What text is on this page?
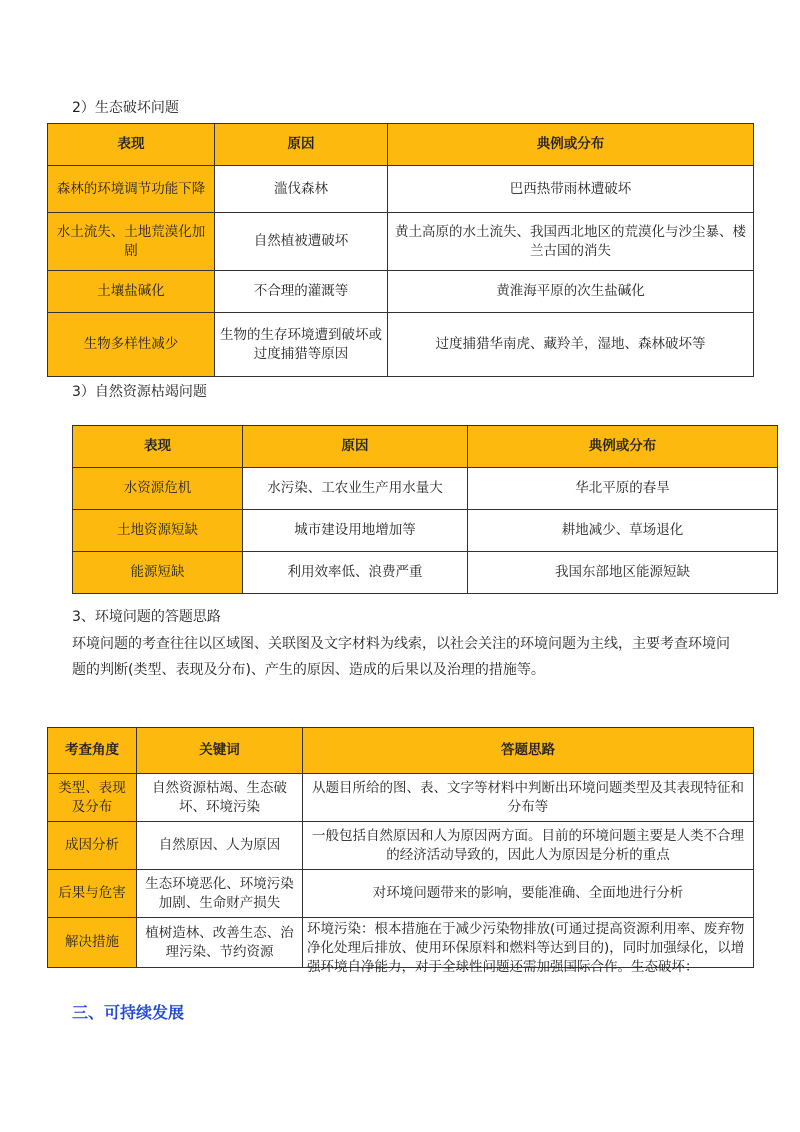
2）生态破坏问题
表现	原因	典例或分布
森林的环境调节功能下降	滥伐森林	巴西热带雨林遭破坏
水土流失、土地荒漠化加剧	自然植被遭破坏	黄土高原的水土流失、我国西北地区的荒漠化与沙尘暴、楼兰古国的消失
土壤盐碱化	不合理的灌溉等	黄淮海平原的次生盐碱化
生物多样性减少	生物的生存环境遭到破坏或过度捕猎等原因	过度捕猎华南虎、藏羚羊，湿地、森林破坏等
3）自然资源枯竭问题
表现	原因	典例或分布
水资源危机	水污染、工农业生产用水量大	华北平原的春旱
土地资源短缺	城市建设用地增加等	耕地减少、草场退化
能源短缺	利用效率低、浪费严重	我国东部地区能源短缺
3、环境问题的答题思路
环境问题的考查往往以区域图、关联图及文字材料为线索，以社会关注的环境问题为主线，主要考查环境问题的判断(类型、表现及分布)、产生的原因、造成的后果以及治理的措施等。
考查角度	关键词	答题思路
类型、表现及分布	自然资源枯竭、生态破坏、环境污染	从题目所给的图、表、文字等材料中判断出环境问题类型及其表现特征和分布等
成因分析	自然原因、人为原因	一般包括自然原因和人为原因两方面。目前的环境问题主要是人类不合理的经济活动导致的，因此人为原因是分析的重点
后果与危害	生态环境恶化、环境污染加剧、生命财产损失	对环境问题带来的影响，要能准确、全面地进行分析
解决措施	植树造林、改善生态、治理污染、节约资源	环境污染：根本措施在于减少污染物排放(可通过提高资源利用率、废弃物净化处理后排放、使用环保原料和燃料等达到目的)，同时加强绿化，以增强环境自净能力，对于全球性问题还需加强国际合作。生态破坏：
三、可持续发展
